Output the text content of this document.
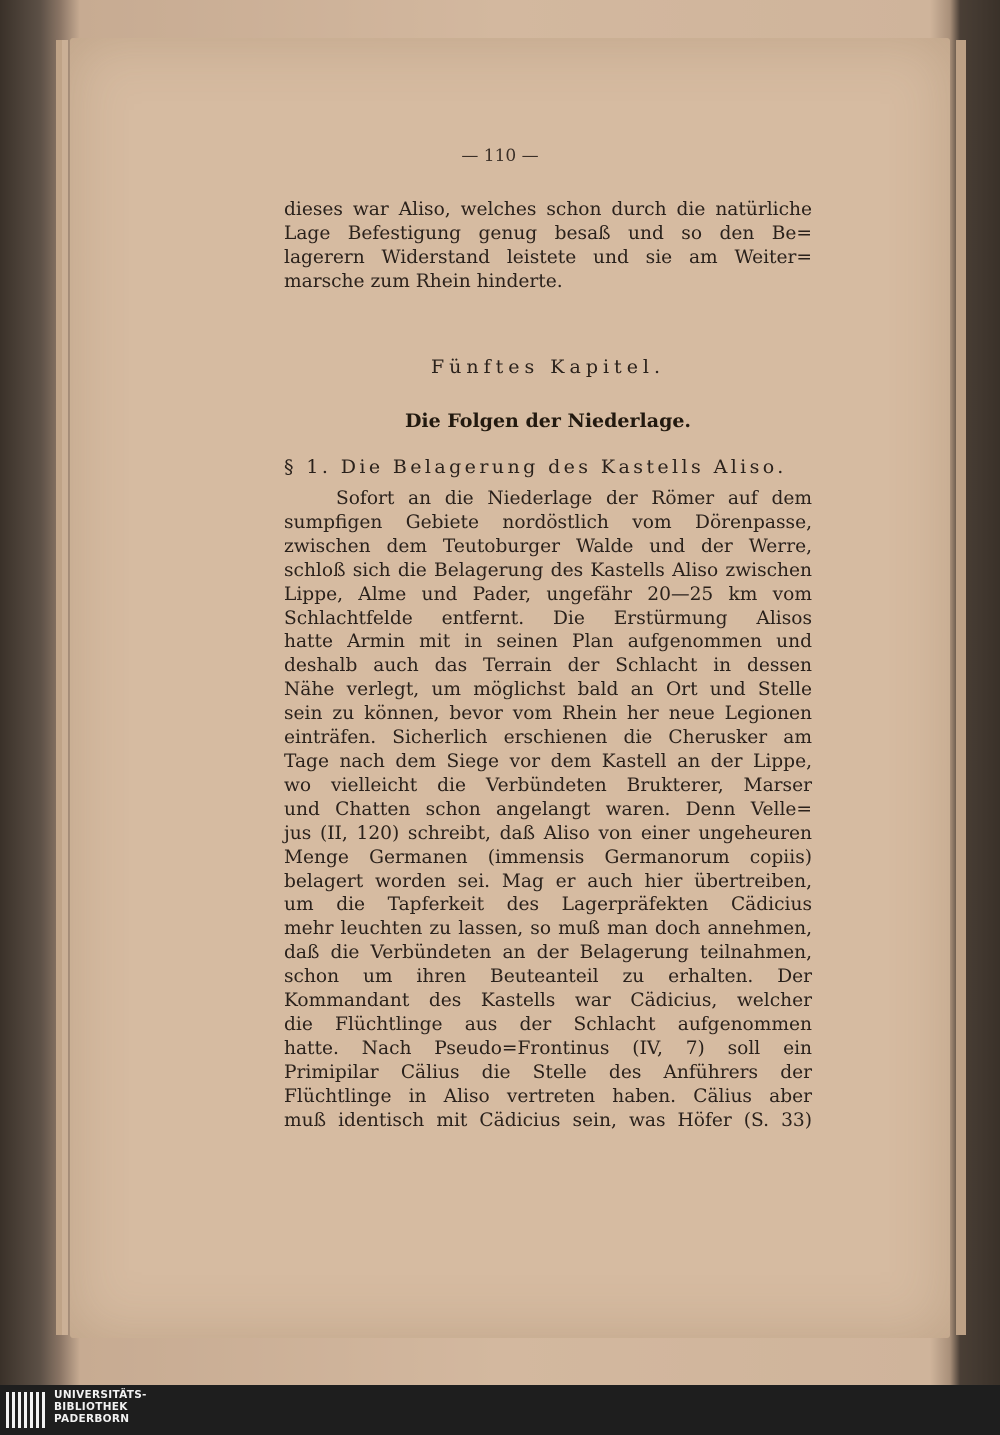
— 110 —
dieses war Aliso, welches schon durch die natürliche
Lage Befestigung genug besaß und so den Be=
lagerern Widerstand leistete und sie am Weiter=
marsche zum Rhein hinderte.
Fünftes Kapitel.
Die Folgen der Niederlage.
§ 1. Die Belagerung des Kastells Aliso.
Sofort an die Niederlage der Römer auf dem
sumpfigen Gebiete nordöstlich vom Dörenpasse,
zwischen dem Teutoburger Walde und der Werre,
schloß sich die Belagerung des Kastells Aliso zwischen
Lippe, Alme und Pader, ungefähr 20—25 km vom
Schlachtfelde entfernt. Die Erstürmung Alisos
hatte Armin mit in seinen Plan aufgenommen und
deshalb auch das Terrain der Schlacht in dessen
Nähe verlegt, um möglichst bald an Ort und Stelle
sein zu können, bevor vom Rhein her neue Legionen
einträfen. Sicherlich erschienen die Cherusker am
Tage nach dem Siege vor dem Kastell an der Lippe,
wo vielleicht die Verbündeten Brukterer, Marser
und Chatten schon angelangt waren. Denn Velle=
jus (II, 120) schreibt, daß Aliso von einer ungeheuren
Menge Germanen (immensis Germanorum copiis)
belagert worden sei. Mag er auch hier übertreiben,
um die Tapferkeit des Lagerpräfekten Cädicius
mehr leuchten zu lassen, so muß man doch annehmen,
daß die Verbündeten an der Belagerung teilnahmen,
schon um ihren Beuteanteil zu erhalten. Der
Kommandant des Kastells war Cädicius, welcher
die Flüchtlinge aus der Schlacht aufgenommen
hatte. Nach Pseudo=Frontinus (IV, 7) soll ein
Primipilar Cälius die Stelle des Anführers der
Flüchtlinge in Aliso vertreten haben. Cälius aber
muß identisch mit Cädicius sein, was Höfer (S. 33)
UNIVERSITÄTS-
BIBLIOTHEK
PADERBORN
